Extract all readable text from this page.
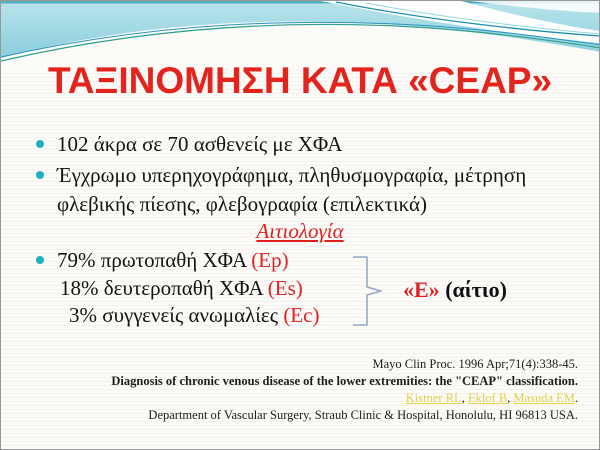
ΤΑΞΙΝΟΜΗΣΗ ΚΑΤΑ «CEAP»
102 άκρα σε 70 ασθενείς με ΧΦΑ
Έγχρωμο υπερηχογράφημα, πληθυσμογραφία, μέτρηση φλεβικής πίεσης, φλεβογραφία (επιλεκτικά)
Αιτιολογία
79% πρωτοπαθή ΧΦΑ (Ep)
18% δευτεροπαθή ΧΦΑ (Es)
3% συγγενείς ανωμαλίες (Ec)
«E» (αίτιο)
Mayo Clin Proc. 1996 Apr;71(4):338-45.
Diagnosis of chronic venous disease of the lower extremities: the "CEAP" classification.
Kistner RL, Eklof B, Masuda EM.
Department of Vascular Surgery, Straub Clinic & Hospital, Honolulu, HI 96813 USA.
